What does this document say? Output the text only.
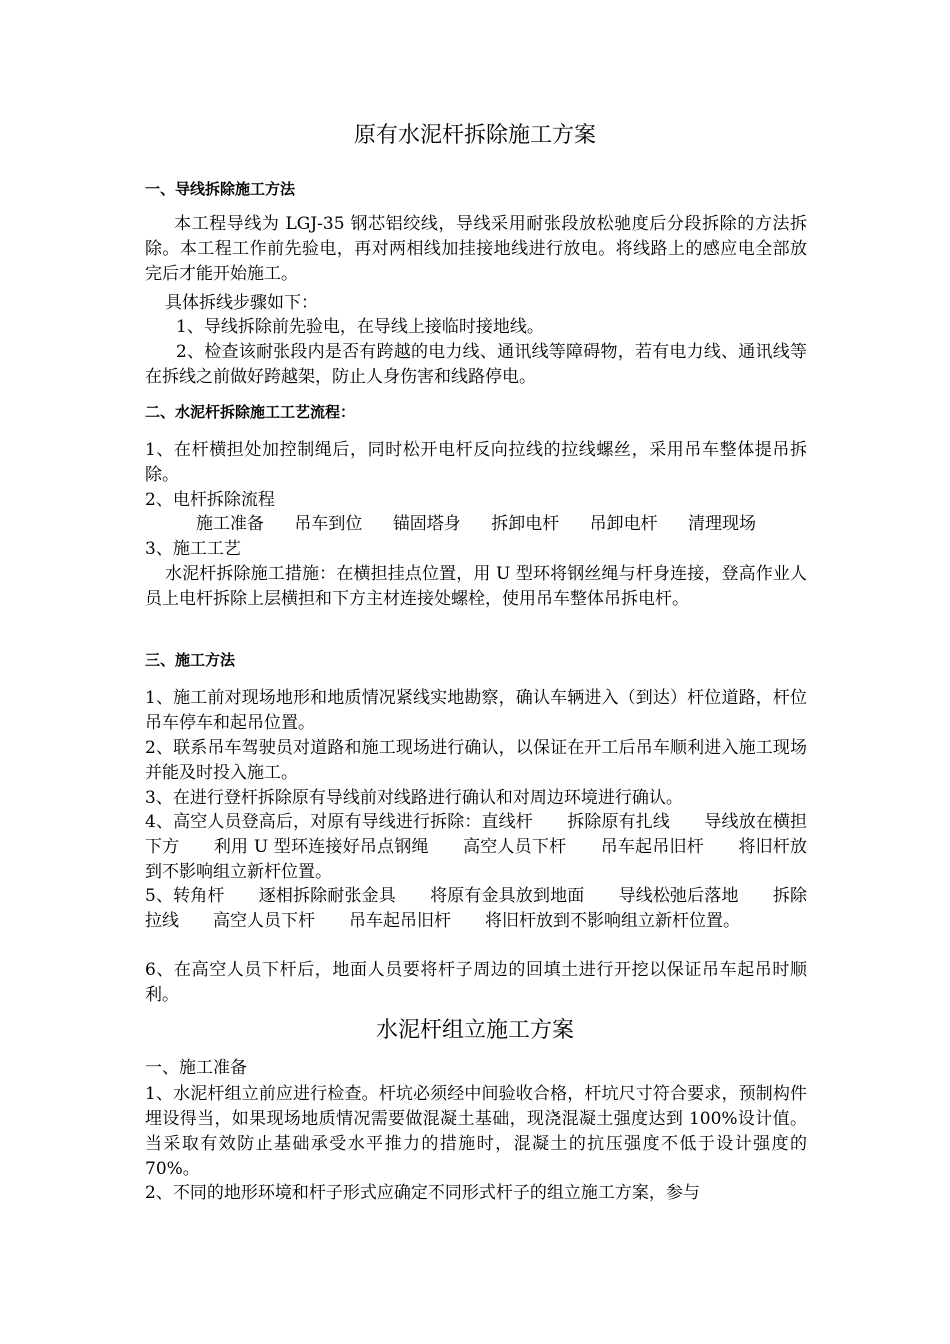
原有水泥杆拆除施工方案
一、导线拆除施工方法

本工程导线为 LGJ-35 钢芯铝绞线，导线采用耐张段放松驰度后分段拆除的方法拆除。本工程工作前先验电，再对两相线加挂接地线进行放电。将线路上的感应电全部放完后才能开始施工。

具体拆线步骤如下：
1、导线拆除前先验电，在导线上接临时接地线。

2、检查该耐张段内是否有跨越的电力线、通讯线等障碍物，若有电力线、通讯线等在拆线之前做好跨越架，防止人身伤害和线路停电。

二、水泥杆拆除施工工艺流程：

1、在杆横担处加控制绳后，同时松开电杆反向拉线的拉线螺丝，采用吊车整体提吊拆除。

2、电杆拆除流程
施工准备 吊车到位 锚固塔身 拆卸电杆 吊卸电杆 清理现场
3、施工工艺

水泥杆拆除施工措施：在横担挂点位置，用 U 型环将钢丝绳与杆身连接，登高作业人员上电杆拆除上层横担和下方主材连接处螺栓，使用吊车整体吊拆电杆。

三、施工方法

1、施工前对现场地形和地质情况紧线实地勘察，确认车辆进入（到达）杆位道路，杆位吊车停车和起吊位置。

2、联系吊车驾驶员对道路和施工现场进行确认，以保证在开工后吊车顺利进入施工现场并能及时投入施工。

3、在进行登杆拆除原有导线前对线路进行确认和对周边环境进行确认。

4、高空人员登高后，对原有导线进行拆除：直线杆　　拆除原有扎线　　导线放在横担下方　　利用 U 型环连接好吊点钢绳　　高空人员下杆　　吊车起吊旧杆　　将旧杆放到不影响组立新杆位置。

5、转角杆　　逐相拆除耐张金具　　将原有金具放到地面　　导线松弛后落地　　拆除拉线　　高空人员下杆　　吊车起吊旧杆　　将旧杆放到不影响组立新杆位置。

6、在高空人员下杆后，地面人员要将杆子周边的回填土进行开挖以保证吊车起吊时顺利。

水泥杆组立施工方案
一、施工准备

1、水泥杆组立前应进行检查。杆坑必须经中间验收合格，杆坑尺寸符合要求，预制构件埋设得当，如果现场地质情况需要做混凝土基础，现浇混凝土强度达到 100%设计值。当采取有效防止基础承受水平推力的措施时，混凝土的抗压强度不低于设计强度的 70%。

2、不同的地形环境和杆子形式应确定不同形式杆子的组立施工方案，参与
